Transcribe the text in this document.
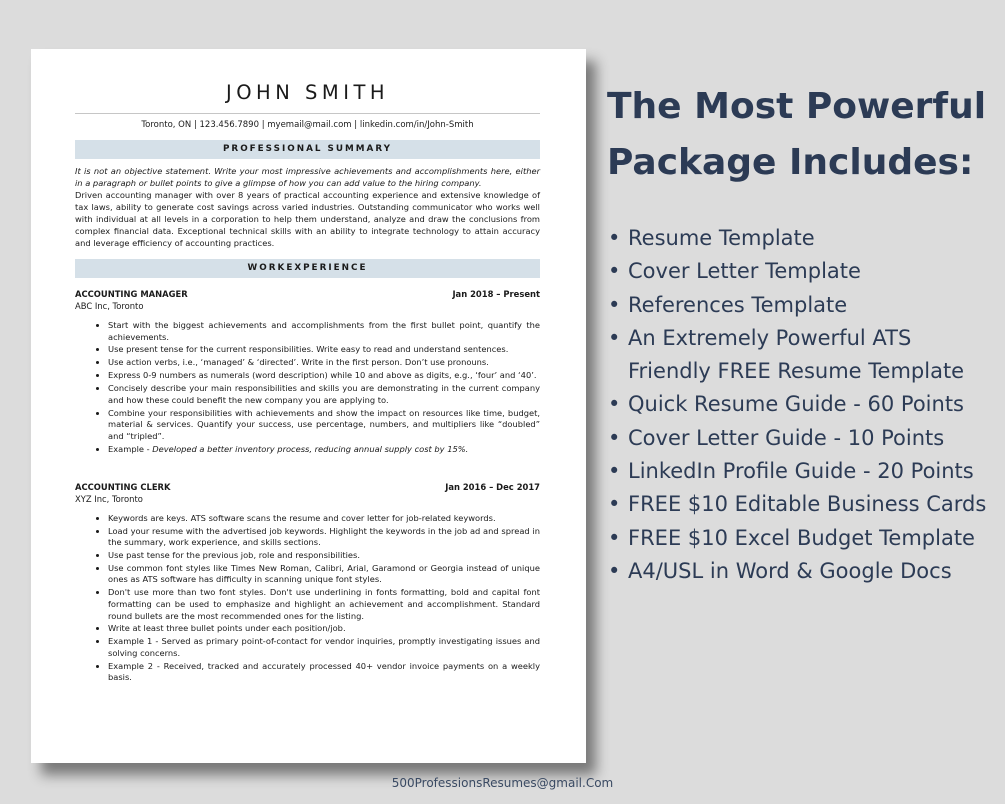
JOHN SMITH
Toronto, ON | 123.456.7890 | myemail@mail.com | linkedin.com/in/John-Smith
PROFESSIONAL SUMMARY
It is not an objective statement. Write your most impressive achievements and accomplishments here, either in a paragraph or bullet points to give a glimpse of how you can add value to the hiring company.
Driven accounting manager with over 8 years of practical accounting experience and extensive knowledge of tax laws, ability to generate cost savings across varied industries. Outstanding communicator who works well with individual at all levels in a corporation to help them understand, analyze and draw the conclusions from complex financial data. Exceptional technical skills with an ability to integrate technology to attain accuracy and leverage efficiency of accounting practices.
WORKEXPERIENCE
ACCOUNTING MANAGER	Jan 2018 – Present
ABC Inc, Toronto
• Start with the biggest achievements and accomplishments from the first bullet point, quantify the achievements.
• Use present tense for the current responsibilities. Write easy to read and understand sentences.
• Use action verbs, i.e., ‘managed’ & ‘directed’. Write in the first person. Don’t use pronouns.
• Express 0-9 numbers as numerals (word description) while 10 and above as digits, e.g., ‘four’ and ‘40’.
• Concisely describe your main responsibilities and skills you are demonstrating in the current company and how these could benefit the new company you are applying to.
• Combine your responsibilities with achievements and show the impact on resources like time, budget, material & services. Quantify your success, use percentage, numbers, and multipliers like “doubled” and “tripled”.
• Example - Developed a better inventory process, reducing annual supply cost by 15%.
ACCOUNTING CLERK	Jan 2016 – Dec 2017
XYZ Inc, Toronto
• Keywords are keys. ATS software scans the resume and cover letter for job-related keywords.
• Load your resume with the advertised job keywords. Highlight the keywords in the job ad and spread in the summary, work experience, and skills sections.
• Use past tense for the previous job, role and responsibilities.
• Use common font styles like Times New Roman, Calibri, Arial, Garamond or Georgia instead of unique ones as ATS software has difficulty in scanning unique font styles.
• Don't use more than two font styles. Don't use underlining in fonts formatting, bold and capital font formatting can be used to emphasize and highlight an achievement and accomplishment. Standard round bullets are the most recommended ones for the listing.
• Write at least three bullet points under each position/job.
• Example 1 - Served as primary point-of-contact for vendor inquiries, promptly investigating issues and solving concerns.
• Example 2 - Received, tracked and accurately processed 40+ vendor invoice payments on a weekly basis.
The Most Powerful Package Includes:
• Resume Template
• Cover Letter Template
• References Template
• An Extremely Powerful ATS Friendly FREE Resume Template
• Quick Resume Guide - 60 Points
• Cover Letter Guide - 10 Points
• LinkedIn Profile Guide - 20 Points
• FREE $10 Editable Business Cards
• FREE $10 Excel Budget Template
• A4/USL in Word & Google Docs
500ProfessionsResumes@gmail.Com
